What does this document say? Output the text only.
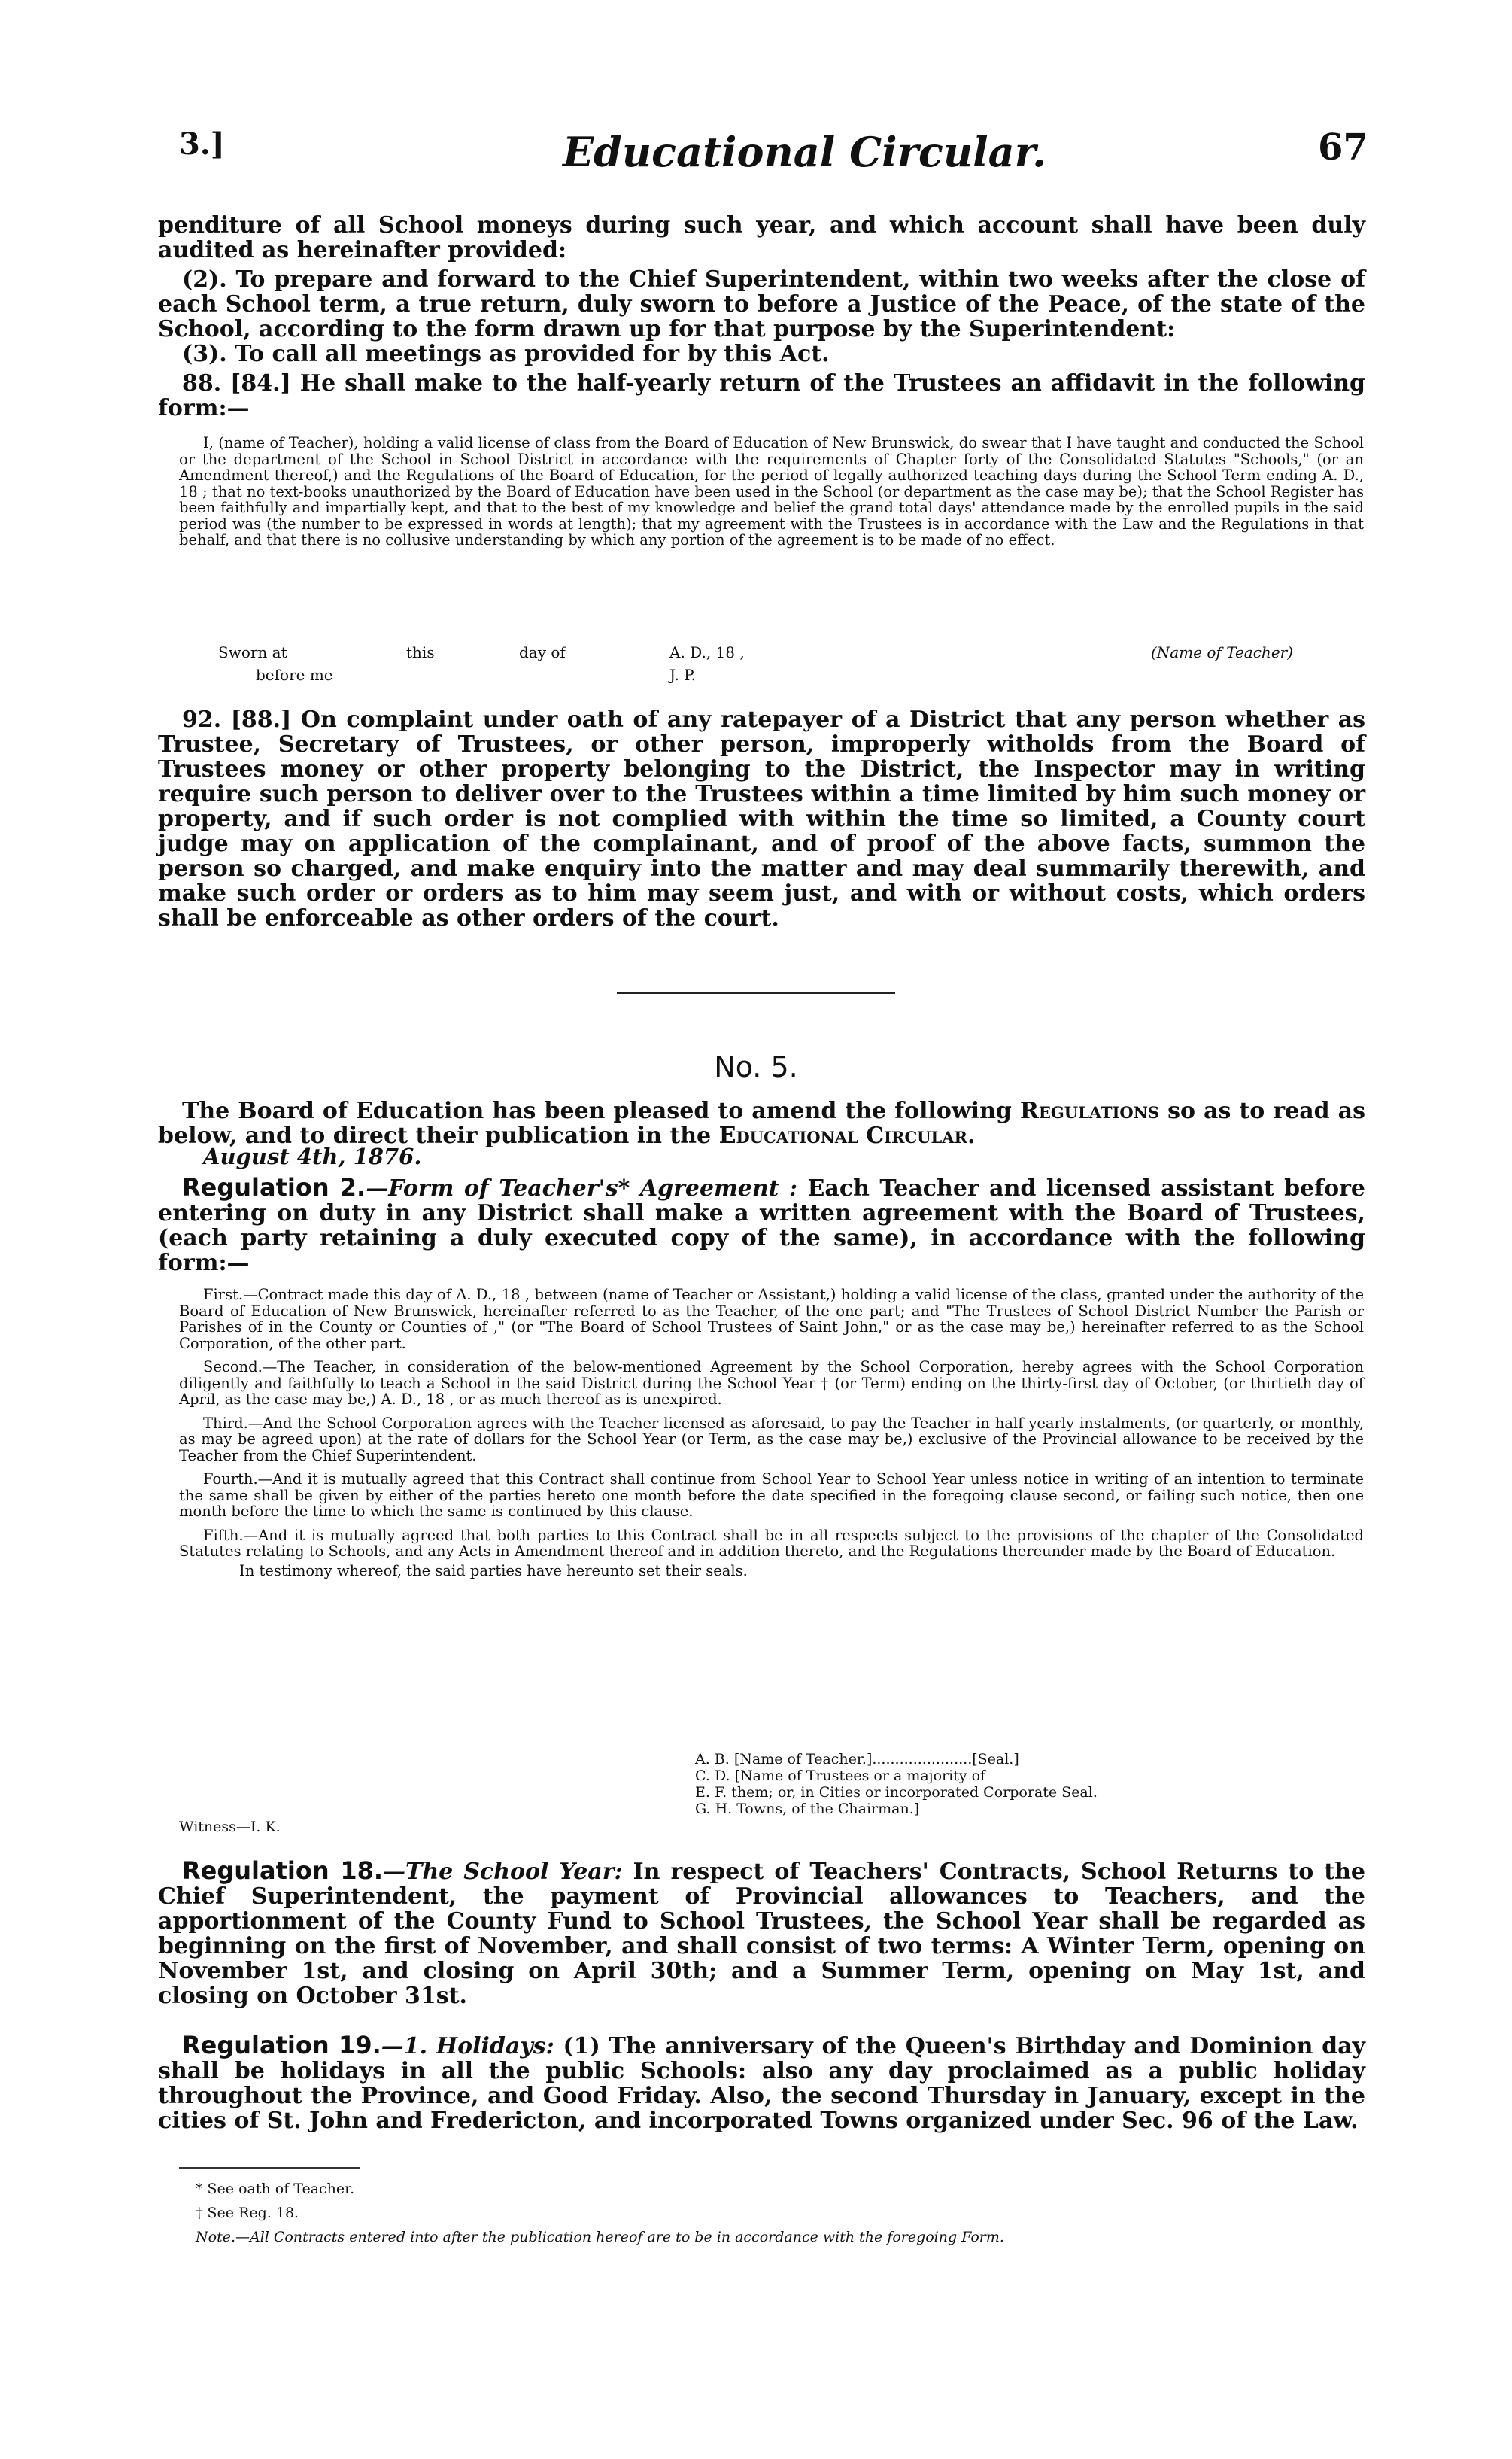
3.]	Educational Circular.	67

penditure of all School moneys during such year, and which account shall have been duly audited as hereinafter provided:

(2). To prepare and forward to the Chief Superintendent, within two weeks after the close of each School term, a true return, duly sworn to before a Justice of the Peace, of the state of the School, according to the form drawn up for that purpose by the Superintendent:

(3). To call all meetings as provided for by this Act.

88. [84.] He shall make to the half-yearly return of the Trustees an affidavit in the following form:—

I, (name of Teacher), holding a valid license of class from the Board of Education of New Brunswick, do swear that I have taught and conducted the School or the department of the School in School District in accordance with the requirements of Chapter forty of the Consolidated Statutes "Schools," (or an Amendment thereof,) and the Regulations of the Board of Education, for the period of legally authorized teaching days during the School Term ending A. D., 18 ; that no text-books unauthorized by the Board of Education have been used in the School (or department as the case may be); that the School Register has been faithfully and impartially kept, and that to the best of my knowledge and belief the grand total days' attendance made by the enrolled pupils in the said period was (the number to be expressed in words at length); that my agreement with the Trustees is in accordance with the Law and the Regulations in that behalf, and that there is no collusive understanding by which any portion of the agreement is to be made of no effect.

Sworn at	this	day of	A. D., 18 ,	(Name of Teacher)
before me	J. P.

92. [88.] On complaint under oath of any ratepayer of a District that any person whether as Trustee, Secretary of Trustees, or other person, improperly witholds from the Board of Trustees money or other property belonging to the District, the Inspector may in writing require such person to deliver over to the Trustees within a time limited by him such money or property, and if such order is not complied with within the time so limited, a County court judge may on application of the complainant, and of proof of the above facts, summon the person so charged, and make enquiry into the matter and may deal summarily therewith, and make such order or orders as to him may seem just, and with or without costs, which orders shall be enforceable as other orders of the court.

No. 5.

The Board of Education has been pleased to amend the following Regulations so as to read as below, and to direct their publication in the Educational Circular.

August 4th, 1876.

Regulation 2.—Form of Teacher's* Agreement : Each Teacher and licensed assistant before entering on duty in any District shall make a written agreement with the Board of Trustees, (each party retaining a duly executed copy of the same), in accordance with the following form:—

First.—Contract made this day of A. D., 18 , between (name of Teacher or Assistant,) holding a valid license of the class, granted under the authority of the Board of Education of New Brunswick, hereinafter referred to as the Teacher, of the one part; and "The Trustees of School District Number the Parish or Parishes of in the County or Counties of ," (or "The Board of School Trustees of Saint John," or as the case may be,) hereinafter referred to as the School Corporation, of the other part.

Second.—The Teacher, in consideration of the below-mentioned Agreement by the School Corporation, hereby agrees with the School Corporation diligently and faithfully to teach a School in the said District during the School Year † (or Term) ending on the thirty-first day of October, (or thirtieth day of April, as the case may be,) A. D., 18 , or as much thereof as is unexpired.

Third.—And the School Corporation agrees with the Teacher licensed as aforesaid, to pay the Teacher in half yearly instalments, (or quarterly, or monthly, as may be agreed upon) at the rate of dollars for the School Year (or Term, as the case may be,) exclusive of the Provincial allowance to be received by the Teacher from the Chief Superintendent.

Fourth.—And it is mutually agreed that this Contract shall continue from School Year to School Year unless notice in writing of an intention to terminate the same shall be given by either of the parties hereto one month before the date specified in the foregoing clause second, or failing such notice, then one month before the time to which the same is continued by this clause.

Fifth.—And it is mutually agreed that both parties to this Contract shall be in all respects subject to the provisions of the chapter of the Consolidated Statutes relating to Schools, and any Acts in Amendment thereof and in addition thereto, and the Regulations thereunder made by the Board of Education.

In testimony whereof, the said parties have hereunto set their seals.

A. B. [Name of Teacher.]......................[Seal.]
C. D. [Name of Trustees or a majority of
E. F. them; or, in Cities or incorporated Corporate Seal.
G. H. Towns, of the Chairman.]
Witness—I. K.

Regulation 18.—The School Year: In respect of Teachers' Contracts, School Returns to the Chief Superintendent, the payment of Provincial allowances to Teachers, and the apportionment of the County Fund to School Trustees, the School Year shall be regarded as beginning on the first of November, and shall consist of two terms: A Winter Term, opening on November 1st, and closing on April 30th; and a Summer Term, opening on May 1st, and closing on October 31st.

Regulation 19.—1. Holidays: (1) The anniversary of the Queen's Birthday and Dominion day shall be holidays in all the public Schools: also any day proclaimed as a public holiday throughout the Province, and Good Friday. Also, the second Thursday in January, except in the cities of St. John and Fredericton, and incorporated Towns organized under Sec. 96 of the Law.

* See oath of Teacher.
† See Reg. 18.
Note.—All Contracts entered into after the publication hereof are to be in accordance with the foregoing Form.
